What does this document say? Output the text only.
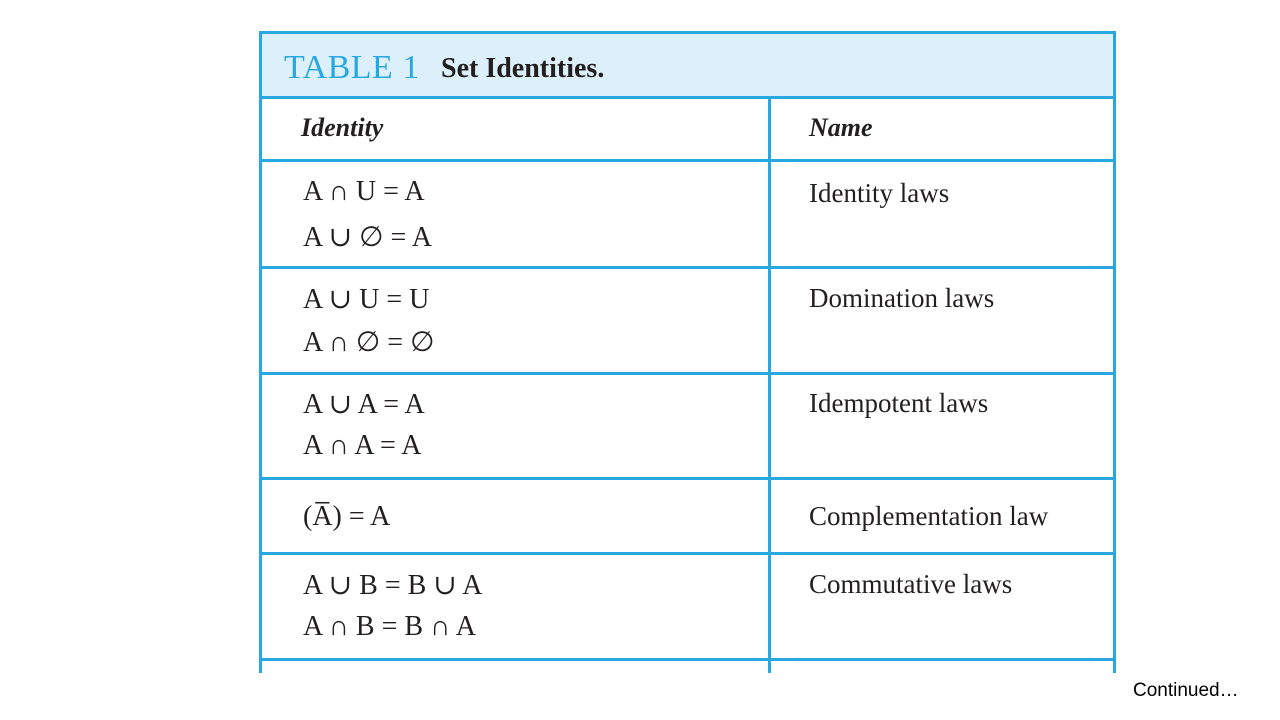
TABLE 1 Set Identities.
Identity	Name
A ∩ U = A
A ∪ ∅ = A
Identity laws
A ∪ U = U
A ∩ ∅ = ∅
Domination laws
A ∪ A = A
A ∩ A = A
Idempotent laws
(A̅̅) = A	Complementation law
A ∪ B = B ∪ A
A ∩ B = B ∩ A
Commutative laws
Continued…
